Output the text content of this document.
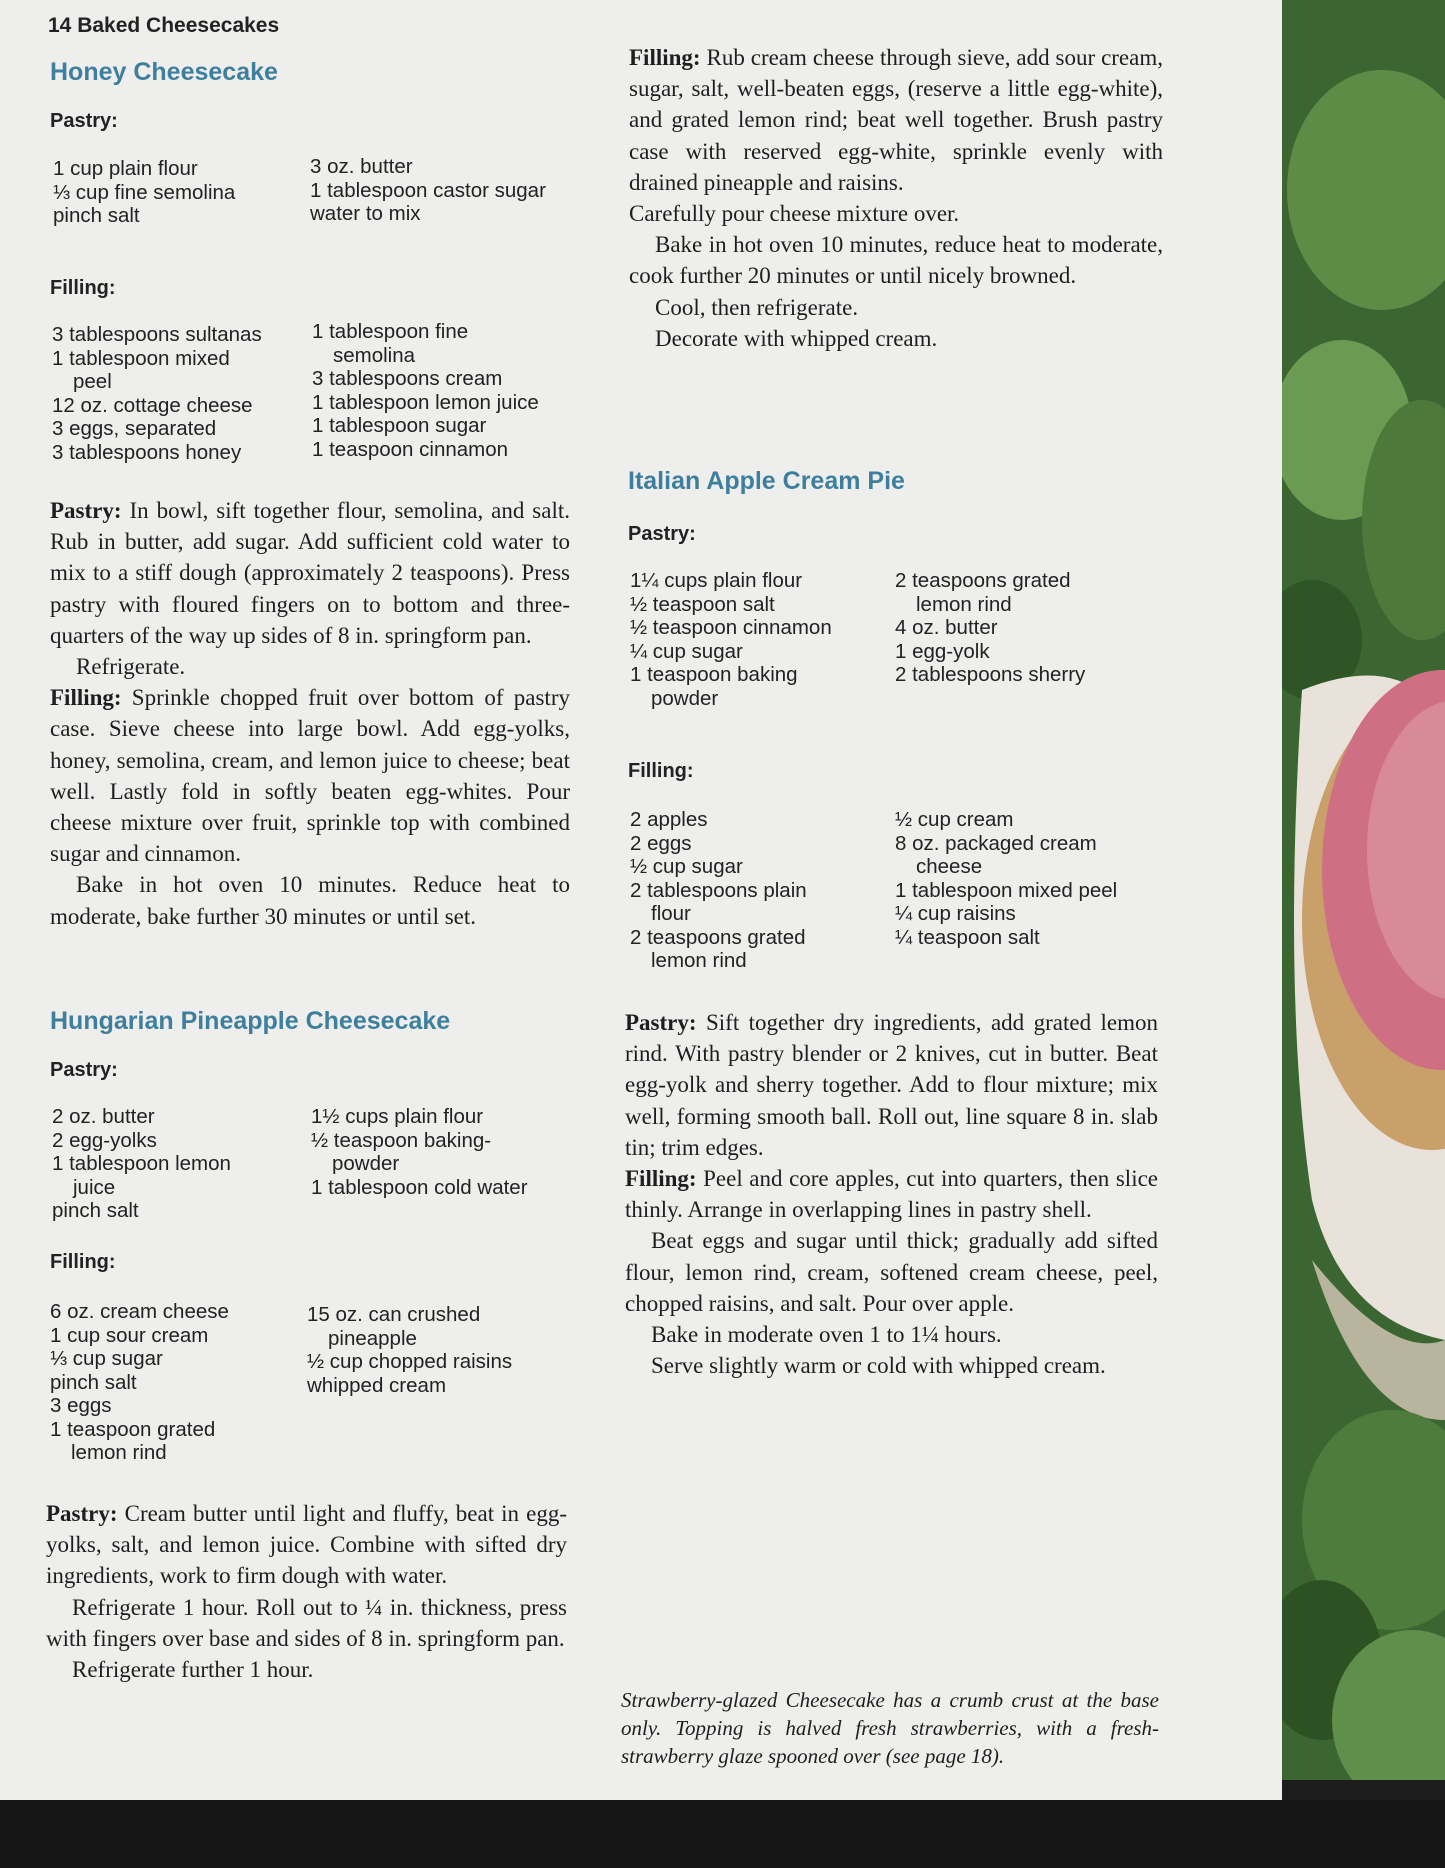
14 Baked Cheesecakes
Honey Cheesecake
Pastry:
1 cup plain flour
⅓ cup fine semolina
pinch salt
3 oz. butter
1 tablespoon castor sugar
water to mix
Filling:
3 tablespoons sultanas
1 tablespoon mixed
peel
12 oz. cottage cheese
3 eggs, separated
3 tablespoons honey
1 tablespoon fine
semolina
3 tablespoons cream
1 tablespoon lemon juice
1 tablespoon sugar
1 teaspoon cinnamon

Pastry: In bowl, sift together flour, semolina, and salt. Rub in butter, add sugar. Add sufficient cold water to mix to a stiff dough (approximately 2 teaspoons). Press pastry with floured fingers on to bottom and three-quarters of the way up sides of 8 in. springform pan.

Refrigerate.

Filling: Sprinkle chopped fruit over bottom of pastry case. Sieve cheese into large bowl. Add egg-yolks, honey, semolina, cream, and lemon juice to cheese; beat well. Lastly fold in softly beaten egg-whites. Pour cheese mixture over fruit, sprinkle top with combined sugar and cinnamon.

Bake in hot oven 10 minutes. Reduce heat to moderate, bake further 30 minutes or until set.

Hungarian Pineapple Cheesecake
Pastry:
2 oz. butter
2 egg-yolks
1 tablespoon lemon
juice
pinch salt
1½ cups plain flour
½ teaspoon baking-
powder
1 tablespoon cold water
Filling:
6 oz. cream cheese
1 cup sour cream
⅓ cup sugar
pinch salt
3 eggs
1 teaspoon grated
lemon rind
15 oz. can crushed
pineapple
½ cup chopped raisins
whipped cream

Pastry: Cream butter until light and fluffy, beat in egg-yolks, salt, and lemon juice. Combine with sifted dry ingredients, work to firm dough with water.

Refrigerate 1 hour. Roll out to ¼ in. thickness, press with fingers over base and sides of 8 in. springform pan.

Refrigerate further 1 hour.

Filling: Rub cream cheese through sieve, add sour cream, sugar, salt, well-beaten eggs, (reserve a little egg-white), and grated lemon rind; beat well together. Brush pastry case with reserved egg-white, sprinkle evenly with drained pineapple and raisins.

Carefully pour cheese mixture over.

Bake in hot oven 10 minutes, reduce heat to moderate, cook further 20 minutes or until nicely browned.

Cool, then refrigerate.

Decorate with whipped cream.

Italian Apple Cream Pie
Pastry:
1¼ cups plain flour
½ teaspoon salt
½ teaspoon cinnamon
¼ cup sugar
1 teaspoon baking
powder
2 teaspoons grated
lemon rind
4 oz. butter
1 egg-yolk
2 tablespoons sherry
Filling:
2 apples
2 eggs
½ cup sugar
2 tablespoons plain
flour
2 teaspoons grated
lemon rind
½ cup cream
8 oz. packaged cream
cheese
1 tablespoon mixed peel
¼ cup raisins
¼ teaspoon salt

Pastry: Sift together dry ingredients, add grated lemon rind. With pastry blender or 2 knives, cut in butter. Beat egg-yolk and sherry together. Add to flour mixture; mix well, forming smooth ball. Roll out, line square 8 in. slab tin; trim edges.

Filling: Peel and core apples, cut into quarters, then slice thinly. Arrange in overlapping lines in pastry shell.

Beat eggs and sugar until thick; gradually add sifted flour, lemon rind, cream, softened cream cheese, peel, chopped raisins, and salt. Pour over apple.

Bake in moderate oven 1 to 1¼ hours.

Serve slightly warm or cold with whipped cream.

Strawberry-glazed Cheesecake has a crumb crust at the base only. Topping is halved fresh strawberries, with a fresh-strawberry glaze spooned over (see page 18).
